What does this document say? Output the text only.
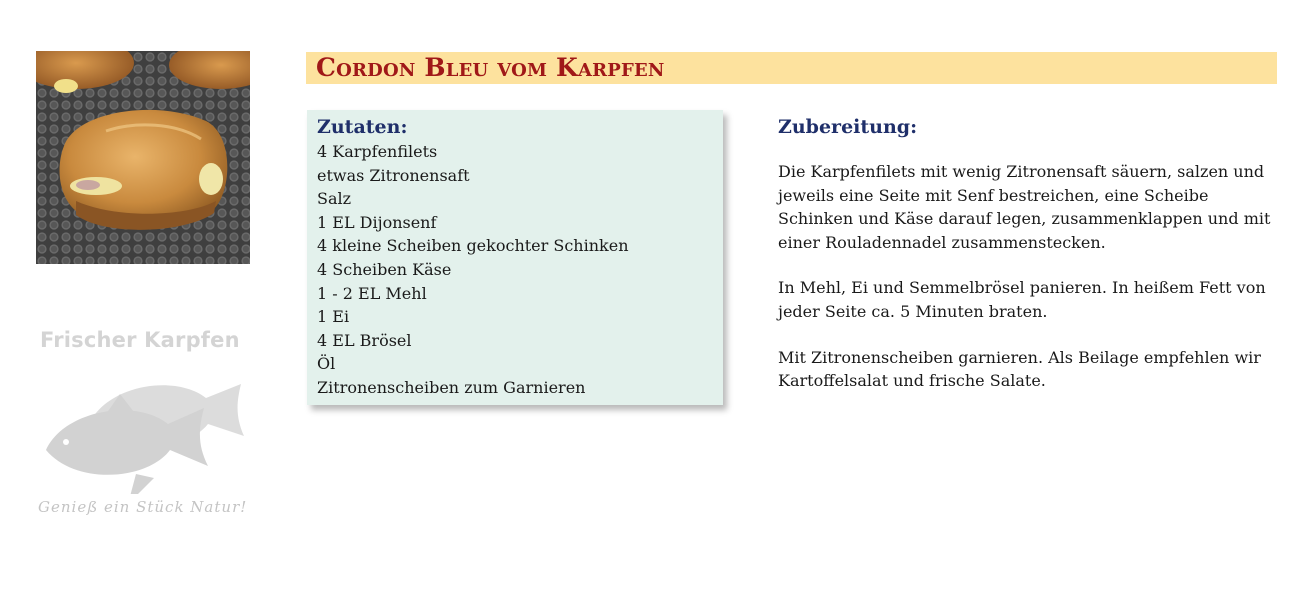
Frischer Karpfen
Genieß ein Stück Natur!
Cordon Bleu vom Karpfen
Zutaten:
4 Karpfenfilets
etwas Zitronensaft
Salz
1 EL Dijonsenf
4 kleine Scheiben gekochter Schinken
4 Scheiben Käse
1 - 2 EL Mehl
1 Ei
4 EL Brösel
Öl
Zitronenscheiben zum Garnieren
Zubereitung:

Die Karpfenfilets mit wenig Zitronensaft säuern, salzen und jeweils eine Seite mit Senf bestreichen, eine Scheibe Schinken und Käse darauf legen, zusammenklappen und mit einer Rouladennadel zusammenstecken.

In Mehl, Ei und Semmelbrösel panieren. In heißem Fett von jeder Seite ca. 5 Minuten braten.

Mit Zitronenscheiben garnieren. Als Beilage empfehlen wir Kartoffelsalat und frische Salate.
